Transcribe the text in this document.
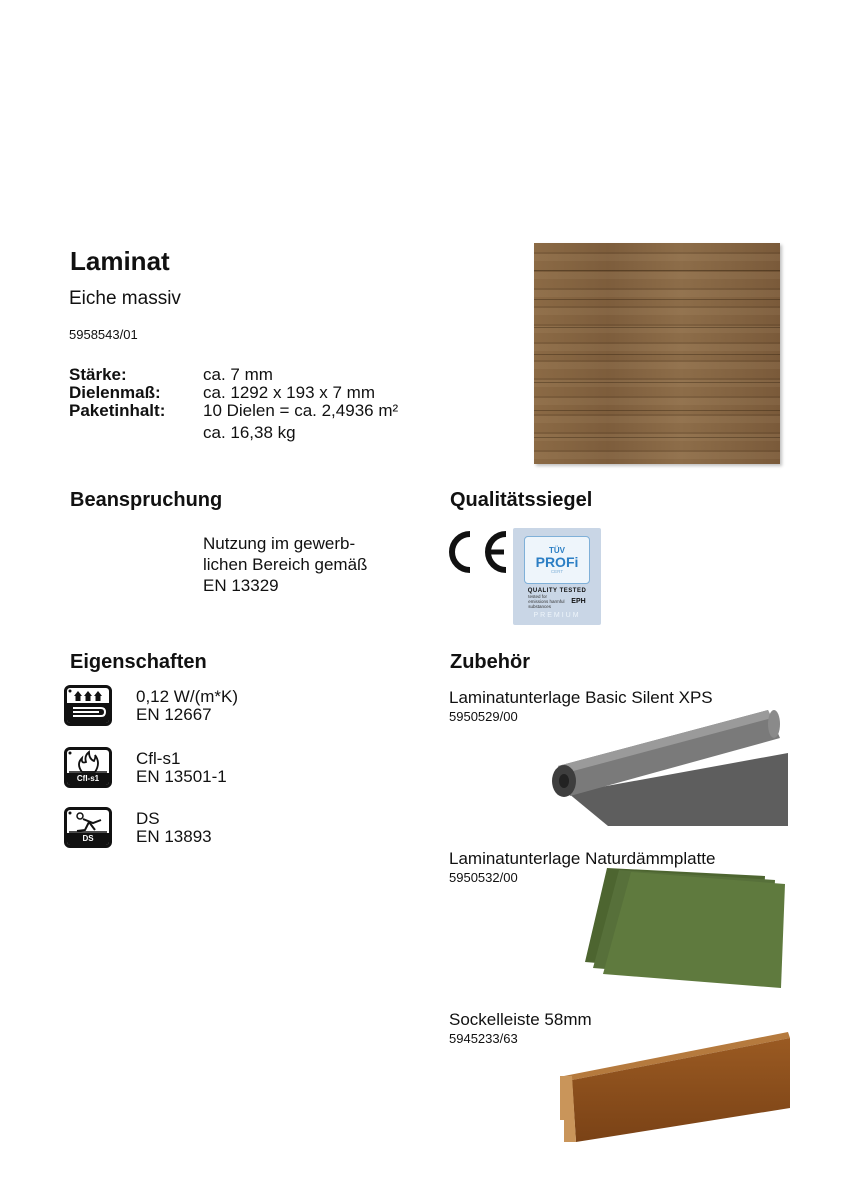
Laminat
Eiche massiv
5958543/01
Stärke:	ca. 7 mm
Dielenmaß:	ca. 1292 x 193 x 7 mm
Paketinhalt:	10 Dielen = ca. 2,4936 m²
ca. 16,38 kg
Beanspruchung
Nutzung im gewerb-
lichen Bereich gemäß
EN 13329
Qualitätssiegel
TÜV
PROFi
CERT
QUALITY TESTED
tested for emissions harmful substances
EPH
PREMIUM
Eigenschaften
0,12 W/(m*K)
EN 12667
Cfl-s1
Cfl-s1
EN 13501-1
DS
DS
EN 13893
Zubehör
Laminatunterlage Basic Silent XPS
5950529/00
Laminatunterlage Naturdämmplatte
5950532/00
Sockelleiste 58mm
5945233/63
